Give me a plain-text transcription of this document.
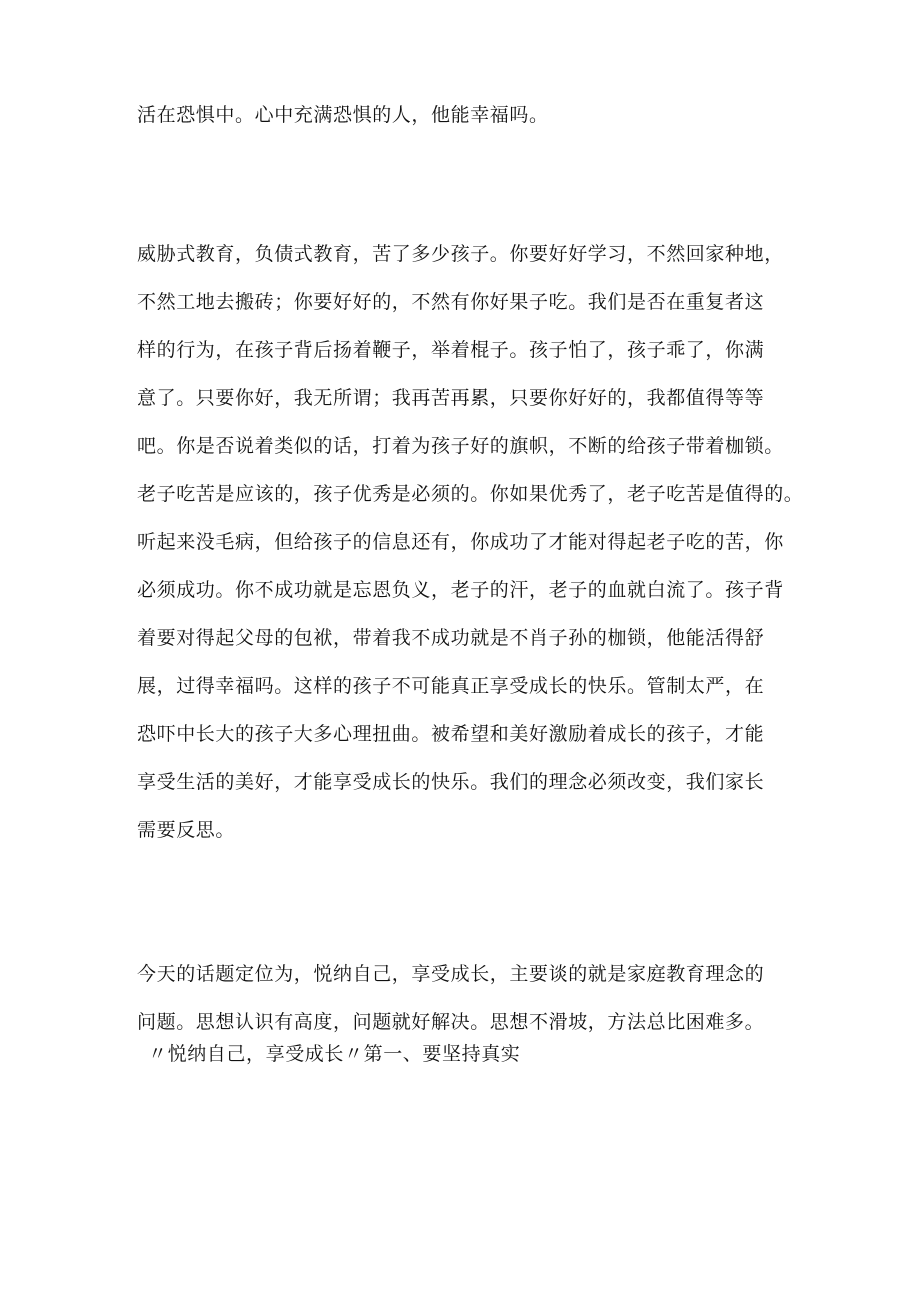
活在恐惧中。心中充满恐惧的人，他能幸福吗。
威胁式教育，负债式教育，苦了多少孩子。你要好好学习，不然回家种地，
不然工地去搬砖；你要好好的，不然有你好果子吃。我们是否在重复者这
样的行为，在孩子背后扬着鞭子，举着棍子。孩子怕了，孩子乖了，你满
意了。只要你好，我无所谓；我再苦再累，只要你好好的，我都值得等等
吧。你是否说着类似的话，打着为孩子好的旗帜，不断的给孩子带着枷锁。
老子吃苦是应该的，孩子优秀是必须的。你如果优秀了，老子吃苦是值得的。
听起来没毛病，但给孩子的信息还有，你成功了才能对得起老子吃的苦，你
必须成功。你不成功就是忘恩负义，老子的汗，老子的血就白流了。孩子背
着要对得起父母的包袱，带着我不成功就是不肖子孙的枷锁，他能活得舒
展，过得幸福吗。这样的孩子不可能真正享受成长的快乐。管制太严，在
恐吓中长大的孩子大多心理扭曲。被希望和美好激励着成长的孩子，才能
享受生活的美好，才能享受成长的快乐。我们的理念必须改变，我们家长
需要反思。
今天的话题定位为，悦纳自己，享受成长，主要谈的就是家庭教育理念的
问题。思想认识有高度，问题就好解决。思想不滑坡，方法总比困难多。
〃悦纳自己，享受成长〃第一、要坚持真实
